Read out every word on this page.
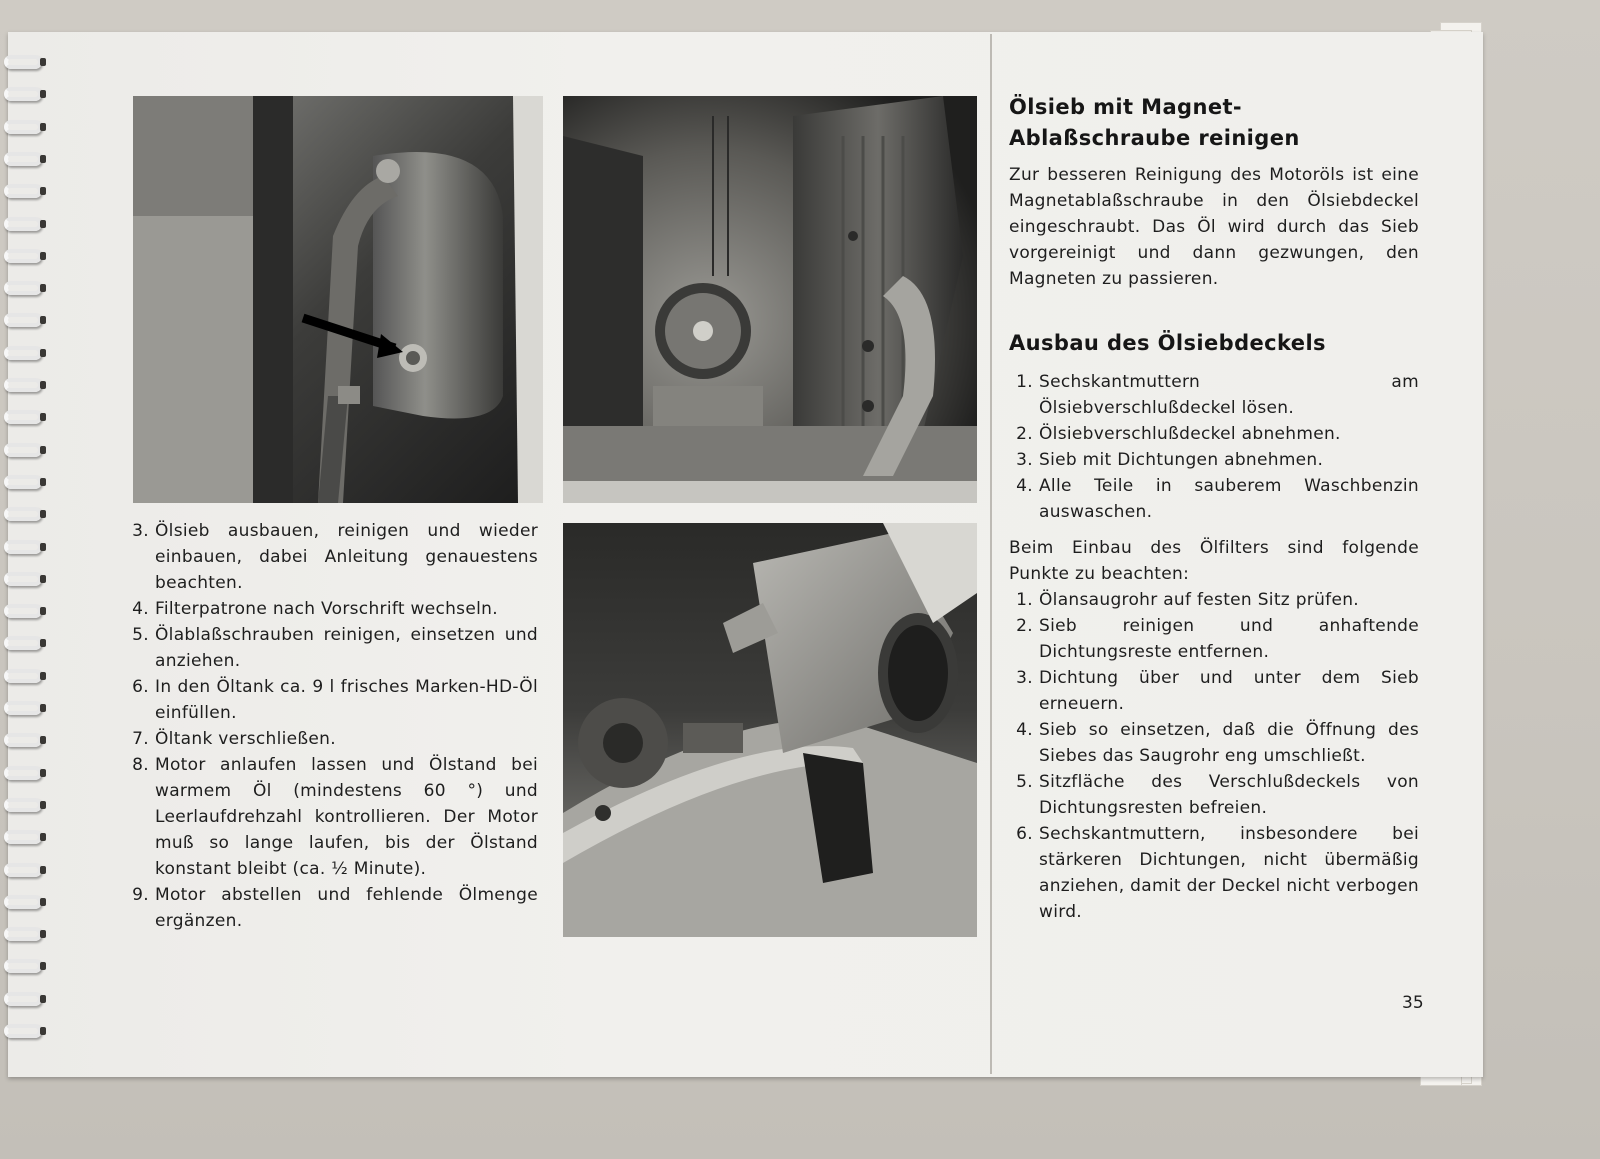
3. Ölsieb ausbauen, reinigen und wieder einbauen, dabei Anleitung genauestens beachten.
4. Filterpatrone nach Vorschrift wechseln.
5. Ölablaßschrauben reinigen, einsetzen und anziehen.
6. In den Öltank ca. 9 l frisches Marken-HD-Öl einfüllen.
7. Öltank verschließen.
8. Motor anlaufen lassen und Ölstand bei warmem Öl (mindestens 60 °) und Leerlaufdrehzahl kontrollieren. Der Motor muß so lange laufen, bis der Ölstand konstant bleibt (ca. ½ Minute).
9. Motor abstellen und fehlende Ölmenge ergänzen.
Ölsieb mit Magnet-Ablaßschraube reinigen
Zur besseren Reinigung des Motoröls ist eine Magnetablaßschraube in den Ölsiebdeckel eingeschraubt. Das Öl wird durch das Sieb vorgereinigt und dann gezwungen, den Magneten zu passieren.
Ausbau des Ölsiebdeckels
1. Sechskantmuttern am Ölsiebverschlußdeckel lösen.
2. Ölsiebverschlußdeckel abnehmen.
3. Sieb mit Dichtungen abnehmen.
4. Alle Teile in sauberem Waschbenzin auswaschen.
Beim Einbau des Ölfilters sind folgende Punkte zu beachten:
1. Ölansaugrohr auf festen Sitz prüfen.
2. Sieb reinigen und anhaftende Dichtungsreste entfernen.
3. Dichtung über und unter dem Sieb erneuern.
4. Sieb so einsetzen, daß die Öffnung des Siebes das Saugrohr eng umschließt.
5. Sitzfläche des Verschlußdeckels von Dichtungsresten befreien.
6. Sechskantmuttern, insbesondere bei stärkeren Dichtungen, nicht übermäßig anziehen, damit der Deckel nicht verbogen wird.
35
